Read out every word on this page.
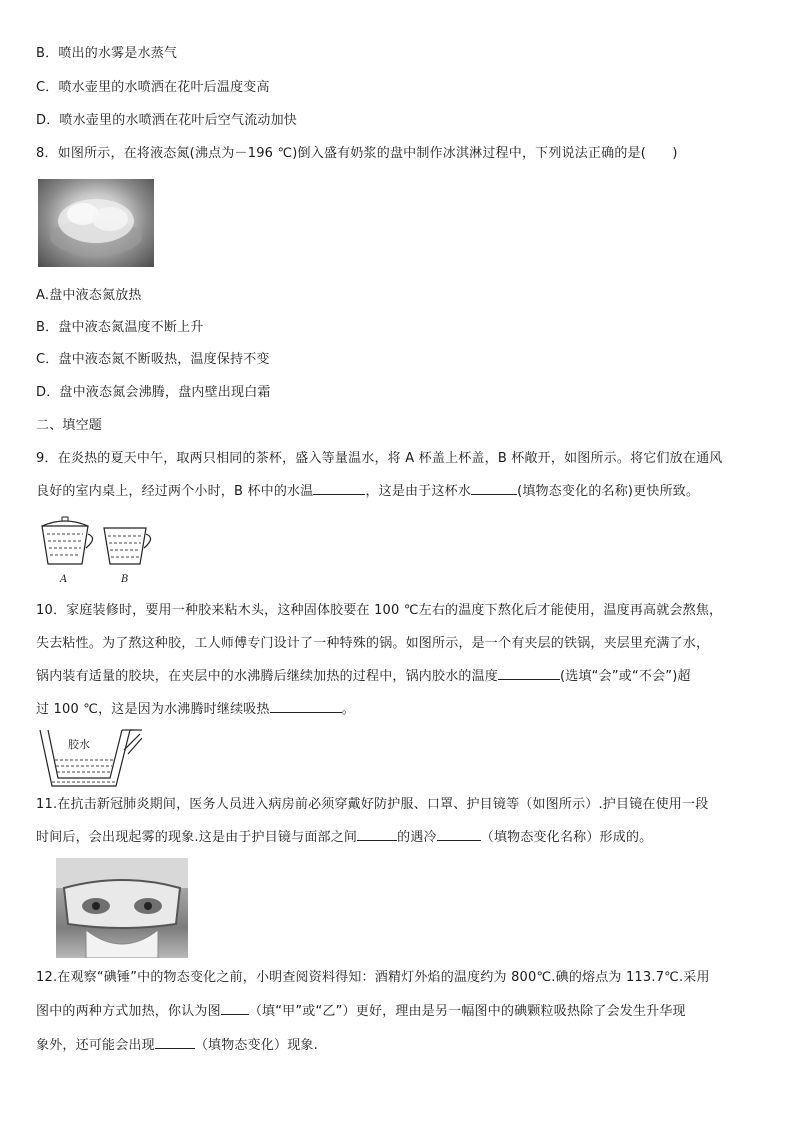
B．喷出的水雾是水蒸气
C．喷水壶里的水喷洒在花叶后温度变高
D．喷水壶里的水喷洒在花叶后空气流动加快
8．如图所示，在将液态氮(沸点为－196 ℃)倒入盛有奶浆的盘中制作冰淇淋过程中，下列说法正确的是(　　)
A.盘中液态氮放热
B．盘中液态氮温度不断上升
C．盘中液态氮不断吸热，温度保持不变
D．盘中液态氮会沸腾，盘内壁出现白霜
二、填空题
9．在炎热的夏天中午，取两只相同的茶杯，盛入等量温水，将 A 杯盖上杯盖，B 杯敞开，如图所示。将它们放在通风
良好的室内桌上，经过两个小时，B 杯中的水温	，这是由于这杯水	(填物态变化的名称)更快所致。
A	B
10．家庭装修时，要用一种胶来粘木头，这种固体胶要在 100 ℃左右的温度下熬化后才能使用，温度再高就会熬焦，
失去粘性。为了熬这种胶，工人师傅专门设计了一种特殊的锅。如图所示，是一个有夹层的铁锅，夹层里充满了水，
锅内装有适量的胶块，在夹层中的水沸腾后继续加热的过程中，锅内胶水的温度	(选填“会”或“不会”)超
过 100 ℃，这是因为水沸腾时继续吸热	。
胶水
11.在抗击新冠肺炎期间，医务人员进入病房前必须穿戴好防护服、口罩、护目镜等（如图所示）.护目镜在使用一段
时间后，会出现起雾的现象.这是由于护目镜与面部之间	的遇冷	（填物态变化名称）形成的。
12.在观察“碘锤”中的物态变化之前，小明查阅资料得知：酒精灯外焰的温度约为 800℃.碘的熔点为 113.7℃.采用
图中的两种方式加热，你认为图 （填“甲”或“乙”）更好，理由是另一幅图中的碘颗粒吸热除了会发生升华现
象外，还可能会出现	（填物态变化）现象.
